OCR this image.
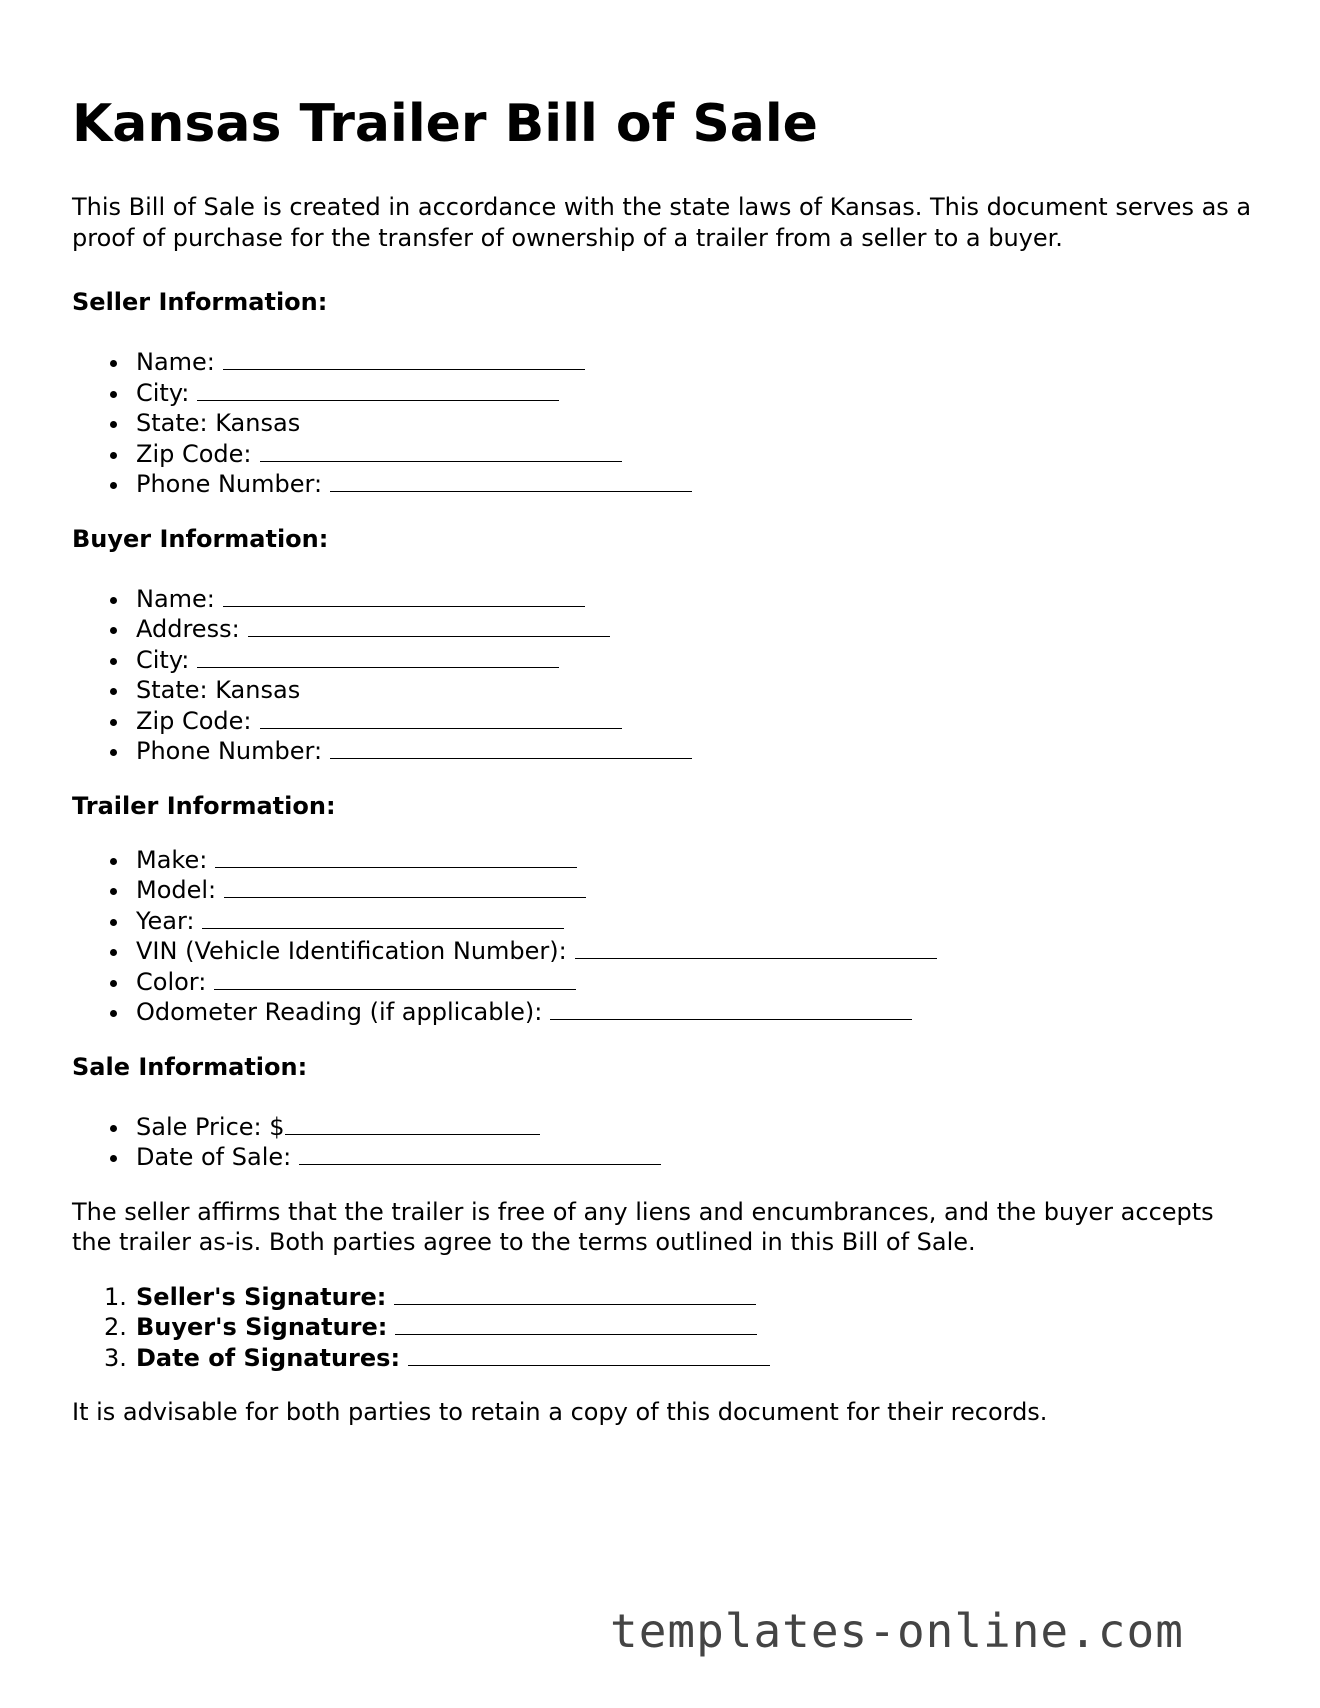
Kansas Trailer Bill of Sale

This Bill of Sale is created in accordance with the state laws of Kansas. This document serves as a proof of purchase for the transfer of ownership of a trailer from a seller to a buyer.

Seller Information:

Name:
City:
State: Kansas
Zip Code:
Phone Number:

Buyer Information:

Name:
Address:
City:
State: Kansas
Zip Code:
Phone Number:

Trailer Information:

Make:
Model:
Year:
VIN (Vehicle Identification Number):
Color:
Odometer Reading (if applicable):

Sale Information:

Sale Price: $
Date of Sale:

The seller affirms that the trailer is free of any liens and encumbrances, and the buyer accepts the trailer as-is. Both parties agree to the terms outlined in this Bill of Sale.

1. Seller's Signature:
2. Buyer's Signature:
3. Date of Signatures:

It is advisable for both parties to retain a copy of this document for their records.

templates-online.com
